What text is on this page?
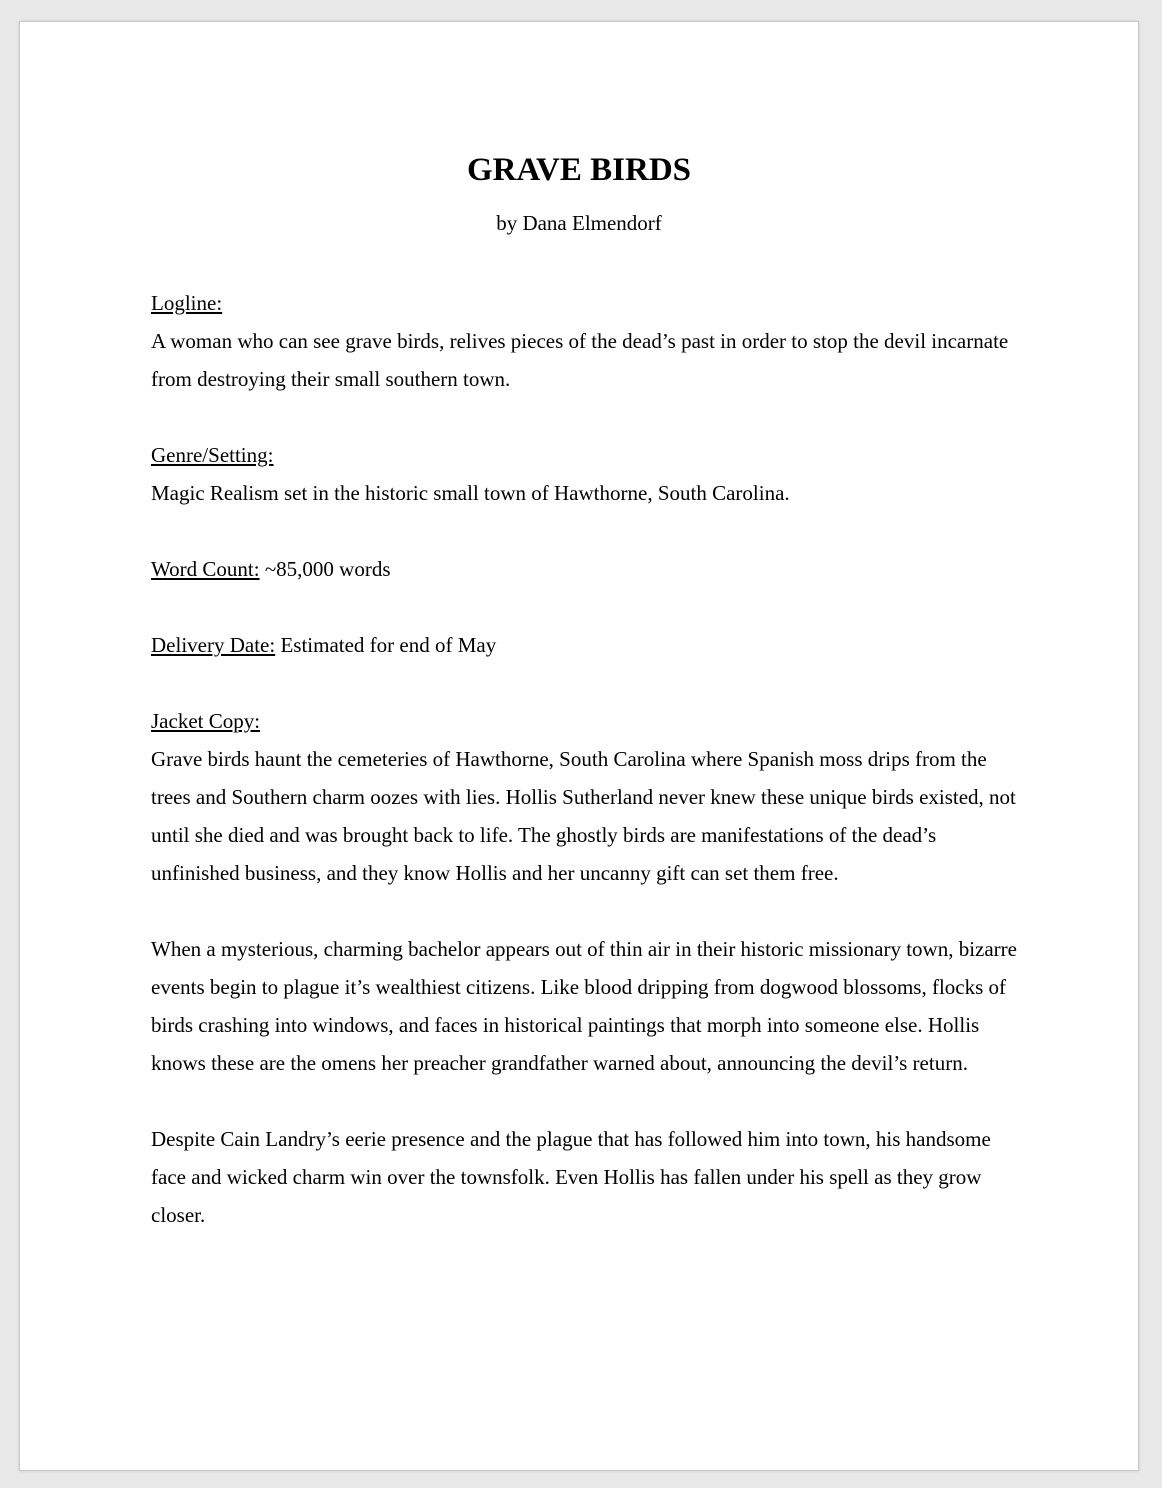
GRAVE BIRDS
by Dana Elmendorf

Logline:

A woman who can see grave birds, relives pieces of the dead’s past in order to stop the devil incarnate from destroying their small southern town.

Genre/Setting:

Magic Realism set in the historic small town of Hawthorne, South Carolina.

Word Count: ~85,000 words

Delivery Date: Estimated for end of May

Jacket Copy:

Grave birds haunt the cemeteries of Hawthorne, South Carolina where Spanish moss drips from the trees and Southern charm oozes with lies. Hollis Sutherland never knew these unique birds existed, not until she died and was brought back to life. The ghostly birds are manifestations of the dead’s unfinished business, and they know Hollis and her uncanny gift can set them free.

When a mysterious, charming bachelor appears out of thin air in their historic missionary town, bizarre events begin to plague it’s wealthiest citizens. Like blood dripping from dogwood blossoms, flocks of birds crashing into windows, and faces in historical paintings that morph into someone else. Hollis knows these are the omens her preacher grandfather warned about, announcing the devil’s return.

Despite Cain Landry’s eerie presence and the plague that has followed him into town, his handsome face and wicked charm win over the townsfolk. Even Hollis has fallen under his spell as they grow closer.
